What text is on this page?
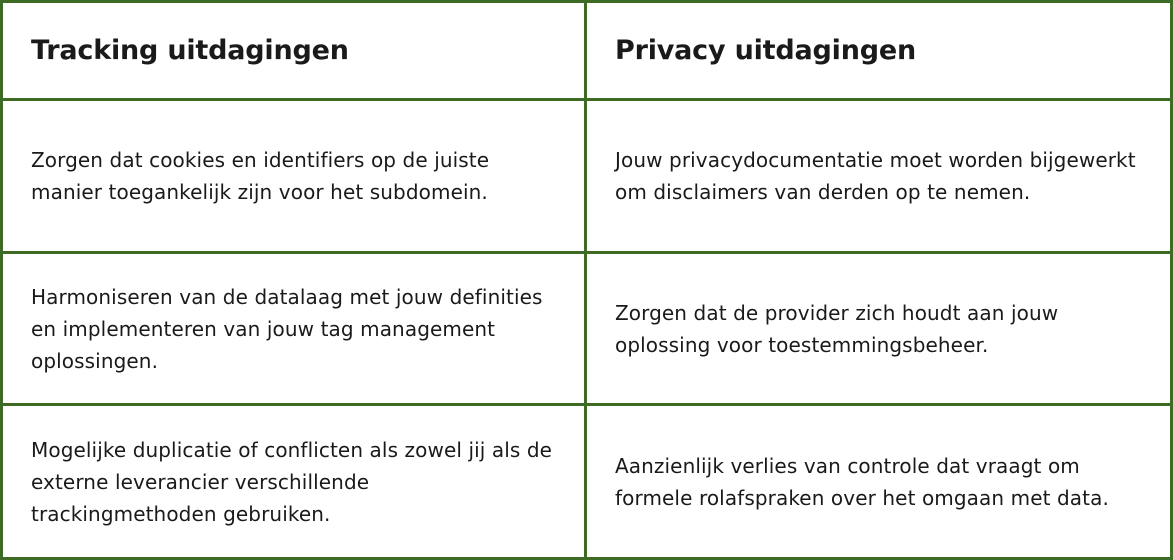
Tracking uitdagingen	Privacy uitdagingen
Zorgen dat cookies en identifiers op de juiste manier toegankelijk zijn voor het subdomein.
Jouw privacydocumentatie moet worden bijgewerkt om disclaimers van derden op te nemen.
Harmoniseren van de datalaag met jouw definities en implementeren van jouw tag management oplossingen.
Zorgen dat de provider zich houdt aan jouw oplossing voor toestemmingsbeheer.
Mogelijke duplicatie of conflicten als zowel jij als de externe leverancier verschillende trackingmethoden gebruiken.
Aanzienlijk verlies van controle dat vraagt om formele rolafspraken over het omgaan met data.
